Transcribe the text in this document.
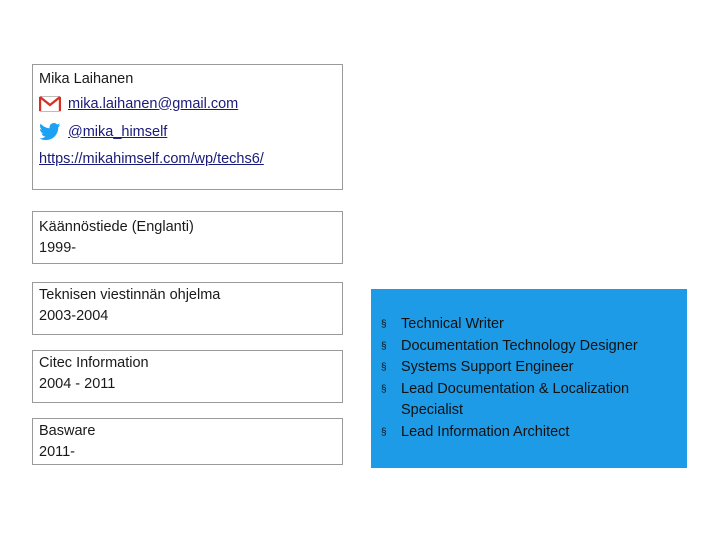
Mika Laihanen
mika.laihanen@gmail.com
@mika_himself
https://mikahimself.com/wp/techs6/
Käännöstiede (Englanti)
1999-
Teknisen viestinnän ohjelma
2003-2004
Citec Information
2004 - 2011
Basware
2011-
§ Technical Writer
§ Documentation Technology Designer
§ Systems Support Engineer
§ Lead Documentation & Localization Specialist
§ Lead Information Architect
